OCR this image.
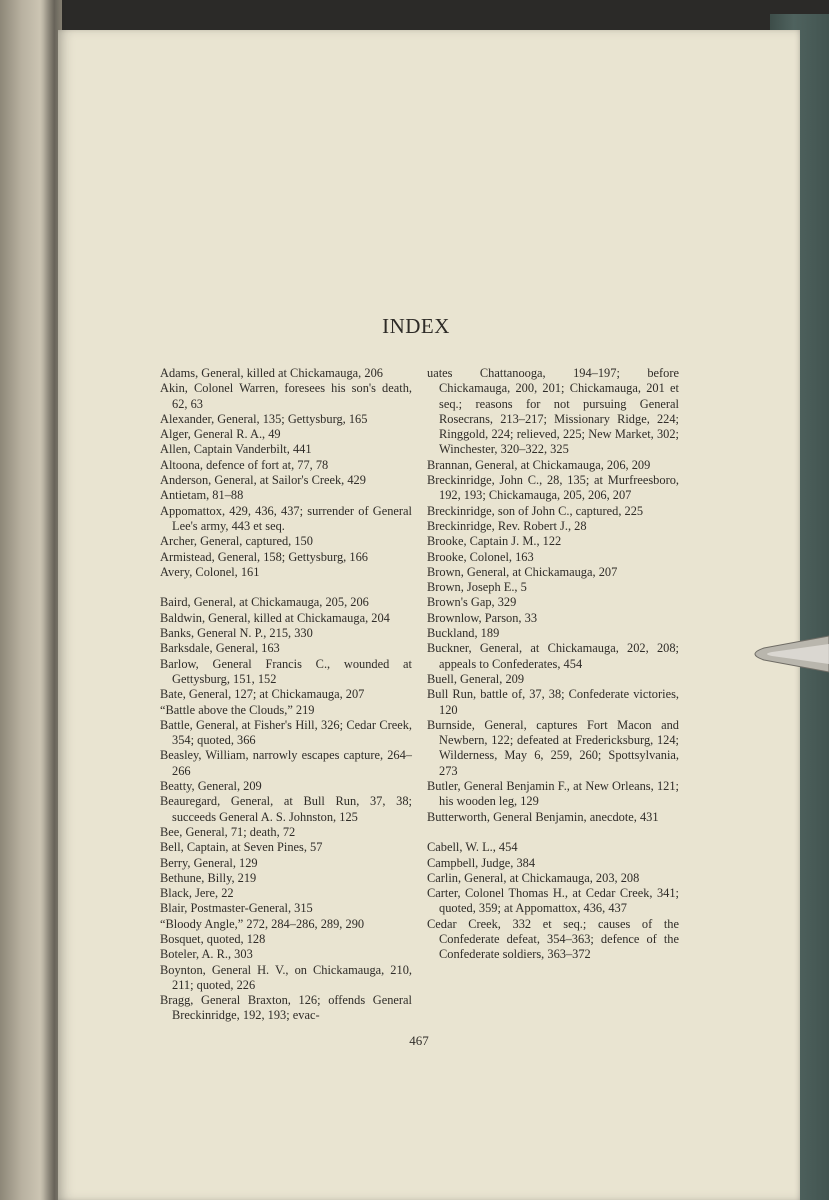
INDEX
Adams, General, killed at Chickamauga, 206
Akin, Colonel Warren, foresees his son's death, 62, 63
Alexander, General, 135; Gettysburg, 165
Alger, General R. A., 49
Allen, Captain Vanderbilt, 441
Altoona, defence of fort at, 77, 78
Anderson, General, at Sailor's Creek, 429
Antietam, 81–88
Appomattox, 429, 436, 437; surrender of General Lee's army, 443 et seq.
Archer, General, captured, 150
Armistead, General, 158; Gettysburg, 166
Avery, Colonel, 161
Baird, General, at Chickamauga, 205, 206
Baldwin, General, killed at Chickamauga, 204
Banks, General N. P., 215, 330
Barksdale, General, 163
Barlow, General Francis C., wounded at Gettysburg, 151, 152
Bate, General, 127; at Chickamauga, 207
“Battle above the Clouds,” 219
Battle, General, at Fisher's Hill, 326; Cedar Creek, 354; quoted, 366
Beasley, William, narrowly escapes capture, 264–266
Beatty, General, 209
Beauregard, General, at Bull Run, 37, 38; succeeds General A. S. Johnston, 125
Bee, General, 71; death, 72
Bell, Captain, at Seven Pines, 57
Berry, General, 129
Bethune, Billy, 219
Black, Jere, 22
Blair, Postmaster-General, 315
“Bloody Angle,” 272, 284–286, 289, 290
Bosquet, quoted, 128
Boteler, A. R., 303
Boynton, General H. V., on Chickamauga, 210, 211; quoted, 226
Bragg, General Braxton, 126; offends General Breckinridge, 192, 193; evac-
uates Chattanooga, 194–197; before Chickamauga, 200, 201; Chickamauga, 201 et seq.; reasons for not pursuing General Rosecrans, 213–217; Missionary Ridge, 224; Ringgold, 224; relieved, 225; New Market, 302; Winchester, 320–322, 325
Brannan, General, at Chickamauga, 206, 209
Breckinridge, John C., 28, 135; at Murfreesboro, 192, 193; Chickamauga, 205, 206, 207
Breckinridge, son of John C., captured, 225
Breckinridge, Rev. Robert J., 28
Brooke, Captain J. M., 122
Brooke, Colonel, 163
Brown, General, at Chickamauga, 207
Brown, Joseph E., 5
Brown's Gap, 329
Brownlow, Parson, 33
Buckland, 189
Buckner, General, at Chickamauga, 202, 208; appeals to Confederates, 454
Buell, General, 209
Bull Run, battle of, 37, 38; Confederate victories, 120
Burnside, General, captures Fort Macon and Newbern, 122; defeated at Fredericksburg, 124; Wilderness, May 6, 259, 260; Spottsylvania, 273
Butler, General Benjamin F., at New Orleans, 121; his wooden leg, 129
Butterworth, General Benjamin, anecdote, 431
Cabell, W. L., 454
Campbell, Judge, 384
Carlin, General, at Chickamauga, 203, 208
Carter, Colonel Thomas H., at Cedar Creek, 341; quoted, 359; at Appomattox, 436, 437
Cedar Creek, 332 et seq.; causes of the Confederate defeat, 354–363; defence of the Confederate soldiers, 363–372
467
